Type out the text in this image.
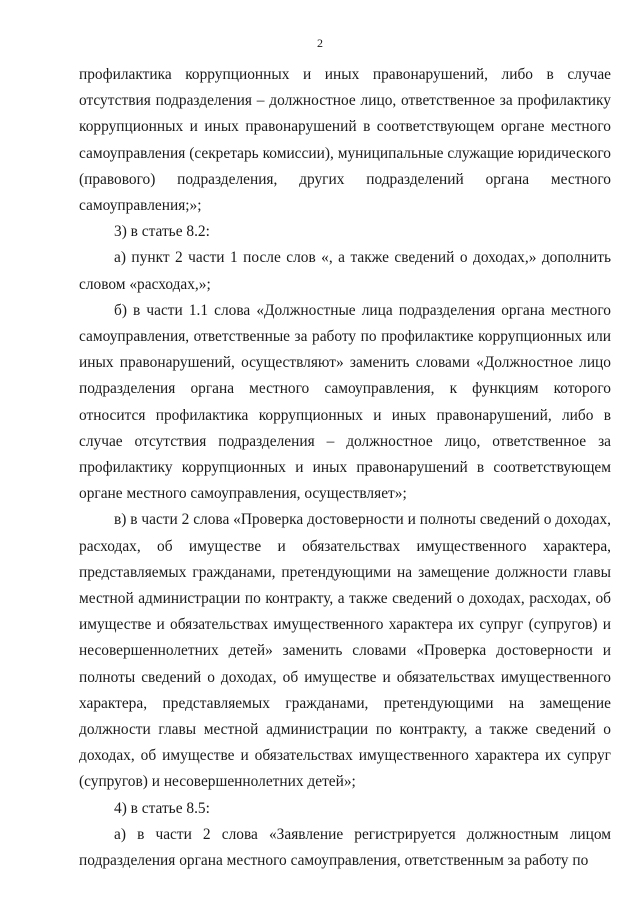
2

профилактика коррупционных и иных правонарушений, либо в случае отсутствия подразделения – должностное лицо, ответственное за профилактику коррупционных и иных правонарушений в соответствующем органе местного самоуправления (секретарь комиссии), муниципальные служащие юридического (правового) подразделения, других подразделений органа местного самоуправления;»;

3) в статье 8.2:

а) пункт 2 части 1 после слов «, а также сведений о доходах,» дополнить словом «расходах,»;

б) в части 1.1 слова «Должностные лица подразделения органа местного самоуправления, ответственные за работу по профилактике коррупционных или иных правонарушений, осуществляют» заменить словами «Должностное лицо подразделения органа местного самоуправления, к функциям которого относится профилактика коррупционных и иных правонарушений, либо в случае отсутствия подразделения – должностное лицо, ответственное за профилактику коррупционных и иных правонарушений в соответствующем органе местного самоуправления, осуществляет»;

в) в части 2 слова «Проверка достоверности и полноты сведений о доходах, расходах, об имуществе и обязательствах имущественного характера, представляемых гражданами, претендующими на замещение должности главы местной администрации по контракту, а также сведений о доходах, расходах, об имуществе и обязательствах имущественного характера их супруг (супругов) и несовершеннолетних детей» заменить словами «Проверка достоверности и полноты сведений о доходах, об имуществе и обязательствах имущественного характера, представляемых гражданами, претендующими на замещение должности главы местной администрации по контракту, а также сведений о доходах, об имуществе и обязательствах имущественного характера их супруг (супругов) и несовершеннолетних детей»;

4) в статье 8.5:

а) в части 2 слова «Заявление регистрируется должностным лицом подразделения органа местного самоуправления, ответственным за работу по
